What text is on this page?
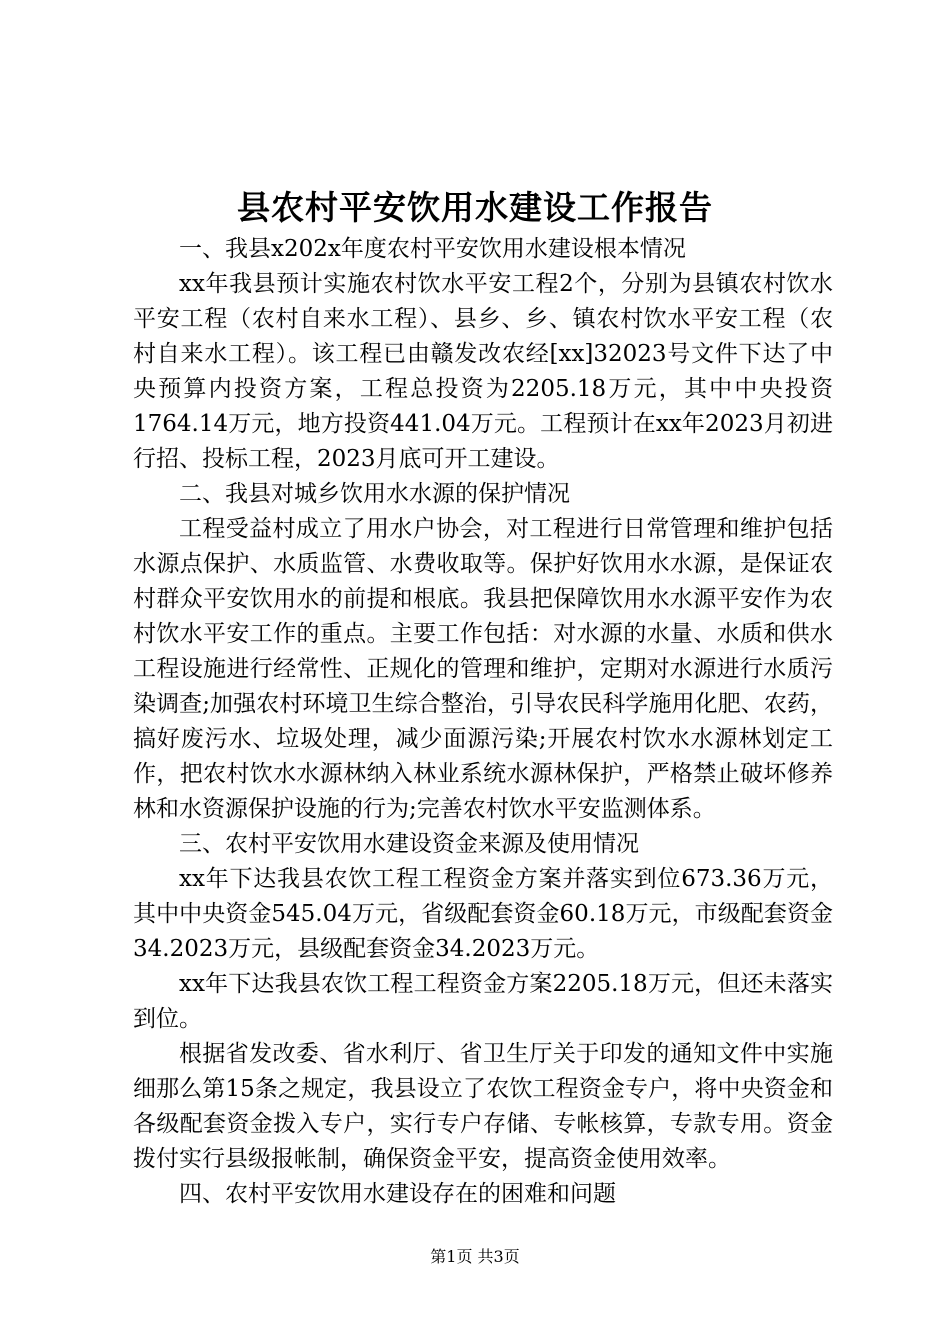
县农村平安饮用水建设工作报告

一、我县x202x年度农村平安饮用水建设根本情况

xx年我县预计实施农村饮水平安工程2个，分别为县镇农村饮水平安工程（农村自来水工程）、县乡、乡、镇农村饮水平安工程（农村自来水工程）。该工程已由赣发改农经[xx]32023号文件下达了中央预算内投资方案，工程总投资为2205.18万元，其中中央投资1764.14万元，地方投资441.04万元。工程预计在xx年2023月初进行招、投标工程，2023月底可开工建设。

二、我县对城乡饮用水水源的保护情况

工程受益村成立了用水户协会，对工程进行日常管理和维护包括水源点保护、水质监管、水费收取等。保护好饮用水水源，是保证农村群众平安饮用水的前提和根底。我县把保障饮用水水源平安作为农村饮水平安工作的重点。主要工作包括：对水源的水量、水质和供水工程设施进行经常性、正规化的管理和维护，定期对水源进行水质污染调查;加强农村环境卫生综合整治，引导农民科学施用化肥、农药，搞好废污水、垃圾处理，减少面源污染;开展农村饮水水源林划定工作，把农村饮水水源林纳入林业系统水源林保护，严格禁止破坏修养林和水资源保护设施的行为;完善农村饮水平安监测体系。

三、农村平安饮用水建设资金来源及使用情况

xx年下达我县农饮工程工程资金方案并落实到位673.36万元，其中中央资金545.04万元，省级配套资金60.18万元，市级配套资金34.2023万元，县级配套资金34.2023万元。

xx年下达我县农饮工程工程资金方案2205.18万元，但还未落实到位。

根据省发改委、省水利厅、省卫生厅关于印发的通知文件中实施细那么第15条之规定，我县设立了农饮工程资金专户，将中央资金和各级配套资金拨入专户，实行专户存储、专帐核算，专款专用。资金拨付实行县级报帐制，确保资金平安，提高资金使用效率。

四、农村平安饮用水建设存在的困难和问题

第1页 共3页
